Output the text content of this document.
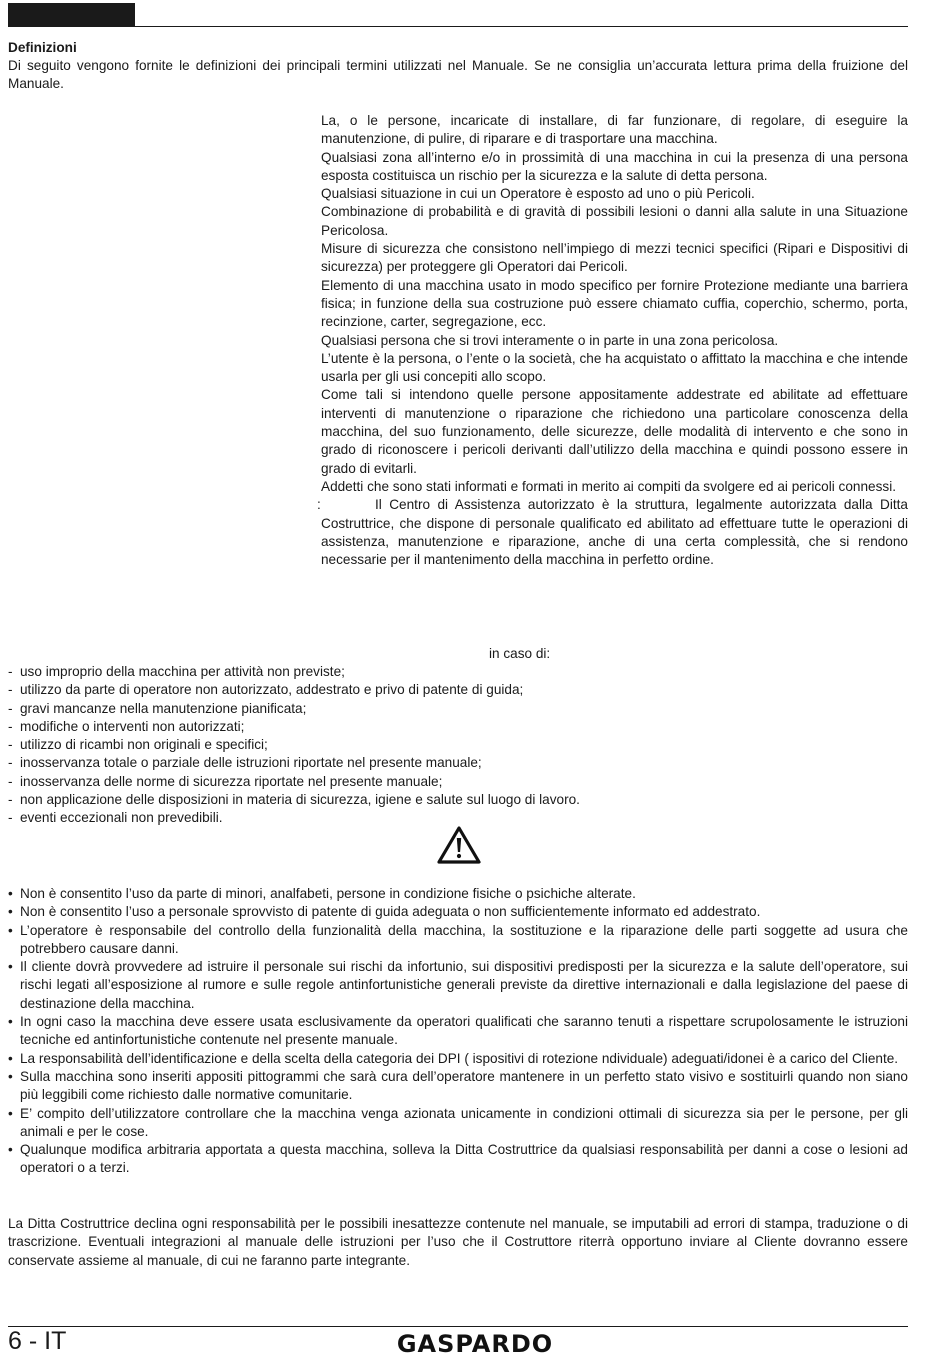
Definizioni

Di seguito vengono fornite le definizioni dei principali termini utilizzati nel Manuale. Se ne consiglia un’accurata lettura prima della fruizione del Manuale.

La, o le persone, incaricate di installare, di far funzionare, di regolare, di eseguire la manutenzione, di pulire, di riparare e di trasportare una macchina.

Qualsiasi zona all’interno e/o in prossimità di una macchina in cui la presenza di una persona esposta costituisca un rischio per la sicurezza e la salute di detta persona.

Qualsiasi situazione in cui un Operatore è esposto ad uno o più Pericoli.

Combinazione di probabilità e di gravità di possibili lesioni o danni alla salute in una Situazione Pericolosa.

Misure di sicurezza che consistono nell’impiego di mezzi tecnici specifici (Ripari e Dispositivi di sicurezza) per proteggere gli Operatori dai Pericoli.

Elemento di una macchina usato in modo specifico per fornire Protezione mediante una barriera fisica; in funzione della sua costruzione può essere chiamato cuffia, coperchio, schermo, porta, recinzione, carter, segregazione, ecc.

Qualsiasi persona che si trovi interamente o in parte in una zona pericolosa.

L’utente è la persona, o l’ente o la società, che ha acquistato o affittato la macchina e che intende usarla per gli usi concepiti allo scopo.

Come tali si intendono quelle persone appositamente addestrate ed abilitate ad effettuare interventi di manutenzione o riparazione che richiedono una particolare conoscenza della macchina, del suo funzionamento, delle sicurezze, delle modalità di intervento e che sono in grado di riconoscere i pericoli derivanti dall’utilizzo della macchina e quindi possono essere in grado di evitarli.

Addetti che sono stati informati e formati in merito ai compiti da svolgere ed ai pericoli connessi.

:	Il Centro di Assistenza autorizzato è la struttura, legalmente autorizzata dalla Ditta Costruttrice, che dispone di personale qualificato ed abilitato ad effettuare tutte le operazioni di assistenza, manutenzione e riparazione, anche di una certa complessità, che si rendono necessarie per il mantenimento della macchina in perfetto ordine.

in caso di:

- uso improprio della macchina per attività non previste;
- utilizzo da parte di operatore non autorizzato, addestrato e privo di patente di guida;
- gravi mancanze nella manutenzione pianificata;
- modifiche o interventi non autorizzati;
- utilizzo di ricambi non originali e specifici;
- inosservanza totale o parziale delle istruzioni riportate nel presente manuale;
- inosservanza delle norme di sicurezza riportate nel presente manuale;
- non applicazione delle disposizioni in materia di sicurezza, igiene e salute sul luogo di lavoro.
- eventi eccezionali non prevedibili.
• Non è consentito l’uso da parte di minori, analfabeti, persone in condizione fisiche o psichiche alterate.
• Non è consentito l’uso a personale sprovvisto di patente di guida adeguata o non sufficientemente informato ed addestrato.
• L’operatore è responsabile del controllo della funzionalità della macchina, la sostituzione e la riparazione delle parti soggette ad usura che potrebbero causare danni.
• Il cliente dovrà provvedere ad istruire il personale sui rischi da infortunio, sui dispositivi predisposti per la sicurezza e la salute dell’operatore, sui rischi legati all’esposizione al rumore e sulle regole antinfortunistiche generali previste da direttive internazionali e dalla legislazione del paese di destinazione della macchina.
• In ogni caso la macchina deve essere usata esclusivamente da operatori qualificati che saranno tenuti a rispettare scrupolosamente le istruzioni tecniche ed antinfortunistiche contenute nel presente manuale.
• La responsabilità dell’identificazione e della scelta della categoria dei DPI ( ispositivi di rotezione ndividuale) adeguati/idonei è a carico del Cliente.
• Sulla macchina sono inseriti appositi pittogrammi che sarà cura dell’operatore mantenere in un perfetto stato visivo e sostituirli quando non siano più leggibili come richiesto dalle normative comunitarie.
• E’ compito dell’utilizzatore controllare che la macchina venga azionata unicamente in condizioni ottimali di sicurezza sia per le persone, per gli animali e per le cose.
• Qualunque modifica arbitraria apportata a questa macchina, solleva la Ditta Costruttrice da qualsiasi responsabilità per danni a cose o lesioni ad operatori o a terzi.

La Ditta Costruttrice declina ogni responsabilità per le possibili inesattezze contenute nel manuale, se imputabili ad errori di stampa, traduzione o di trascrizione. Eventuali integrazioni al manuale delle istruzioni per l’uso che il Costruttore riterrà opportuno inviare al Cliente dovranno essere conservate assieme al manuale, di cui ne faranno parte integrante.

6 - IT	GASPARDO
